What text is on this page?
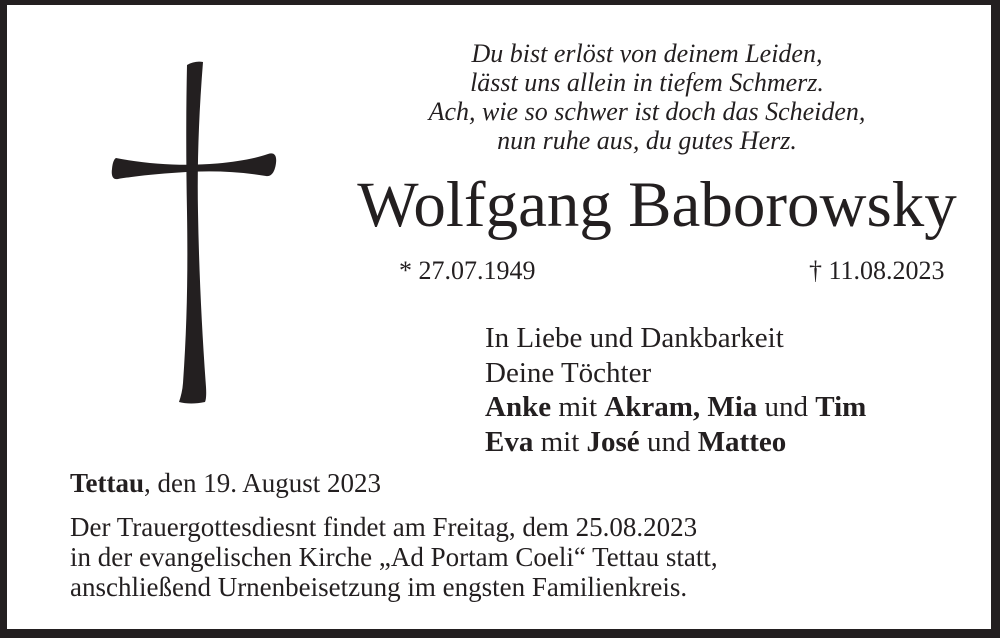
Du bist erlöst von deinem Leiden,
lässt uns allein in tiefem Schmerz.
Ach, wie so schwer ist doch das Scheiden,
nun ruhe aus, du gutes Herz.
Wolfgang Baborowsky
* 27.07.1949	† 11.08.2023
In Liebe und Dankbarkeit
Deine Töchter
Anke mit Akram, Mia und Tim
Eva mit José und Matteo
Tettau, den 19. August 2023
Der Trauergottesdiesnt findet am Freitag, dem 25.08.2023
in der evangelischen Kirche „Ad Portam Coeli“ Tettau statt,
anschließend Urnenbeisetzung im engsten Familienkreis.
